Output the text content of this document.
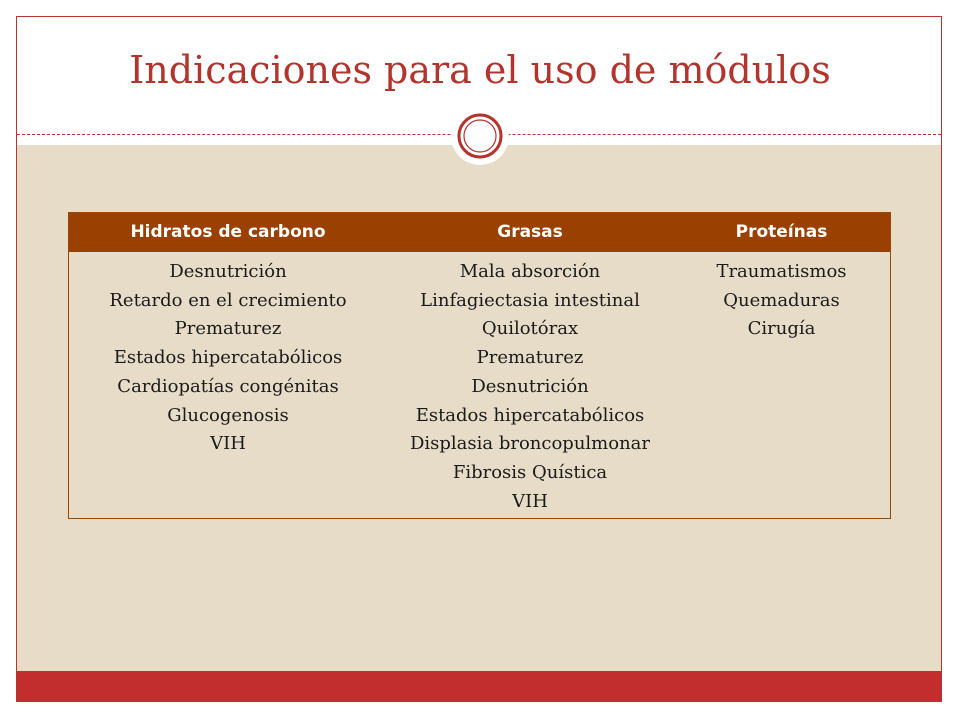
Indicaciones para el uso de módulos
Hidratos de carbono	Grasas	Proteínas
Desnutrición
Retardo en el crecimiento
Prematurez
Estados hipercatabólicos
Cardiopatías congénitas
Glucogenosis
VIH
Mala absorción
Linfagiectasia intestinal
Quilotórax
Prematurez
Desnutrición
Estados hipercatabólicos
Displasia broncopulmonar
Fibrosis Quística
VIH
Traumatismos
Quemaduras
Cirugía
